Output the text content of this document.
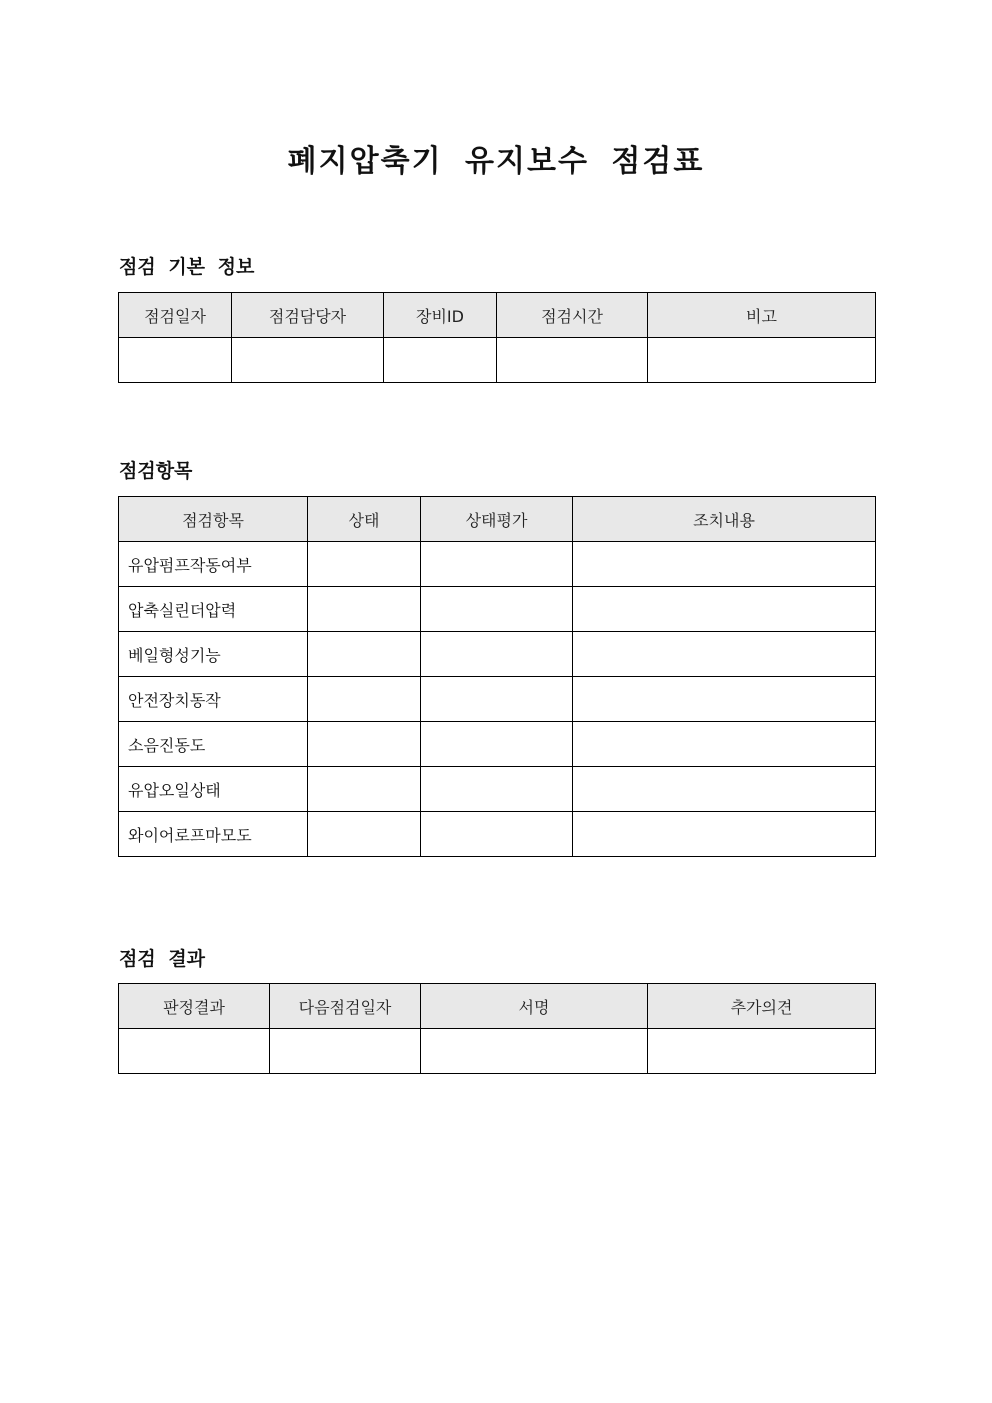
폐지압축기 유지보수 점검표
점검 기본 정보
점검일자	점검담당자	장비ID	점검시간	비고

점검항목
점검항목	상태	상태평가	조치내용
유압펌프작동여부			
압축실린더압력			
베일형성기능			
안전장치동작			
소음진동도			
유압오일상태			
와이어로프마모도			
점검 결과
판정결과	다음점검일자	서명	추가의견
